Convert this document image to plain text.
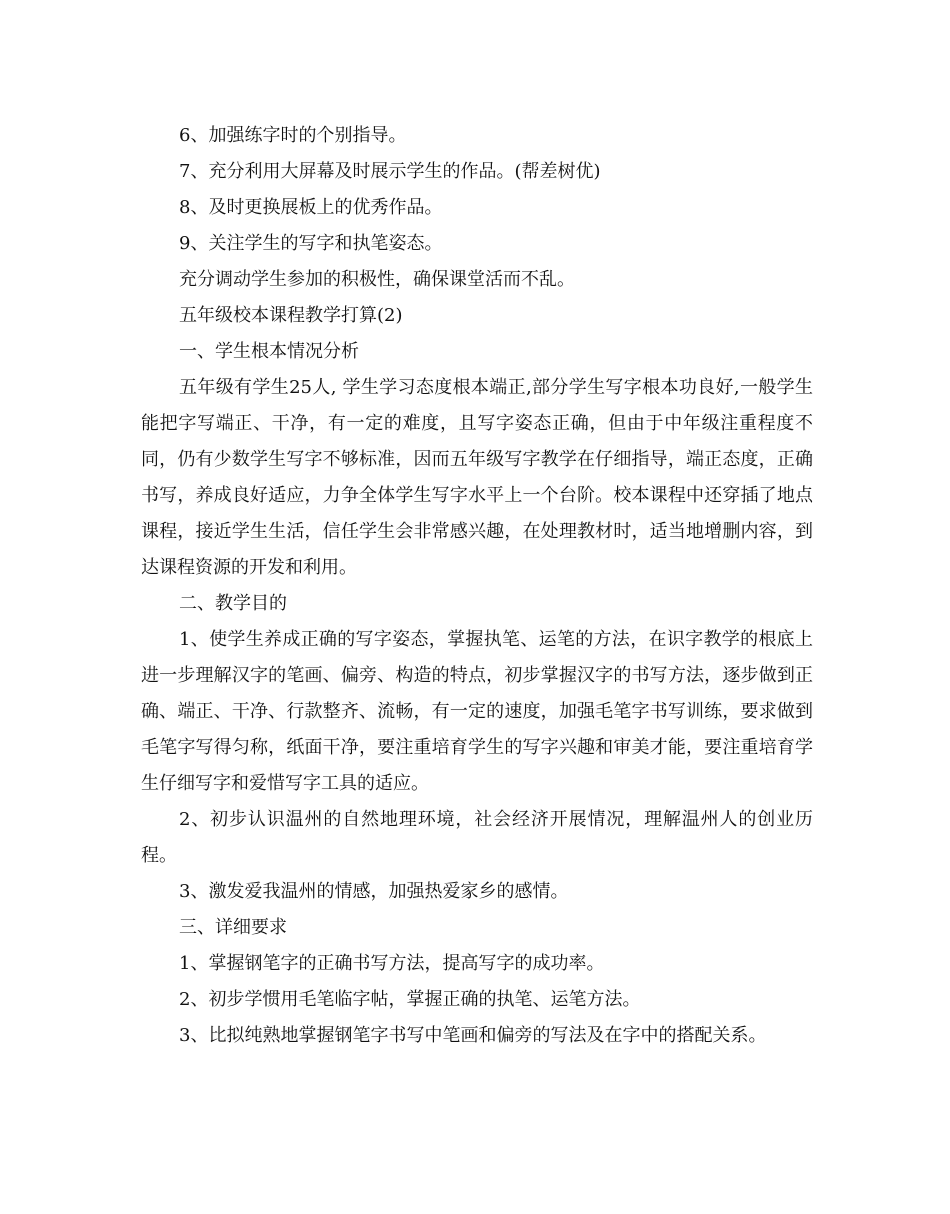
6、加强练字时的个别指导。

7、充分利用大屏幕及时展示学生的作品。(帮差树优)

8、及时更换展板上的优秀作品。

9、关注学生的写字和执笔姿态。

充分调动学生参加的积极性，确保课堂活而不乱。

五年级校本课程教学打算(2)

一、学生根本情况分析

五年级有学生25人, 学生学习态度根本端正,部分学生写字根本功良好,一般学生能把字写端正、干净，有一定的难度，且写字姿态正确，但由于中年级注重程度不同，仍有少数学生写字不够标准，因而五年级写字教学在仔细指导，端正态度，正确书写，养成良好适应，力争全体学生写字水平上一个台阶。校本课程中还穿插了地点课程，接近学生生活，信任学生会非常感兴趣，在处理教材时，适当地增删内容，到达课程资源的开发和利用。

二、教学目的

1、使学生养成正确的写字姿态，掌握执笔、运笔的方法，在识字教学的根底上进一步理解汉字的笔画、偏旁、构造的特点，初步掌握汉字的书写方法，逐步做到正确、端正、干净、行款整齐、流畅，有一定的速度，加强毛笔字书写训练，要求做到毛笔字写得匀称，纸面干净，要注重培育学生的写字兴趣和审美才能，要注重培育学生仔细写字和爱惜写字工具的适应。

2、初步认识温州的自然地理环境，社会经济开展情况，理解温州人的创业历程。

3、激发爱我温州的情感，加强热爱家乡的感情。

三、详细要求

1、掌握钢笔字的正确书写方法，提高写字的成功率。

2、初步学惯用毛笔临字帖，掌握正确的执笔、运笔方法。

3、比拟纯熟地掌握钢笔字书写中笔画和偏旁的写法及在字中的搭配关系。
